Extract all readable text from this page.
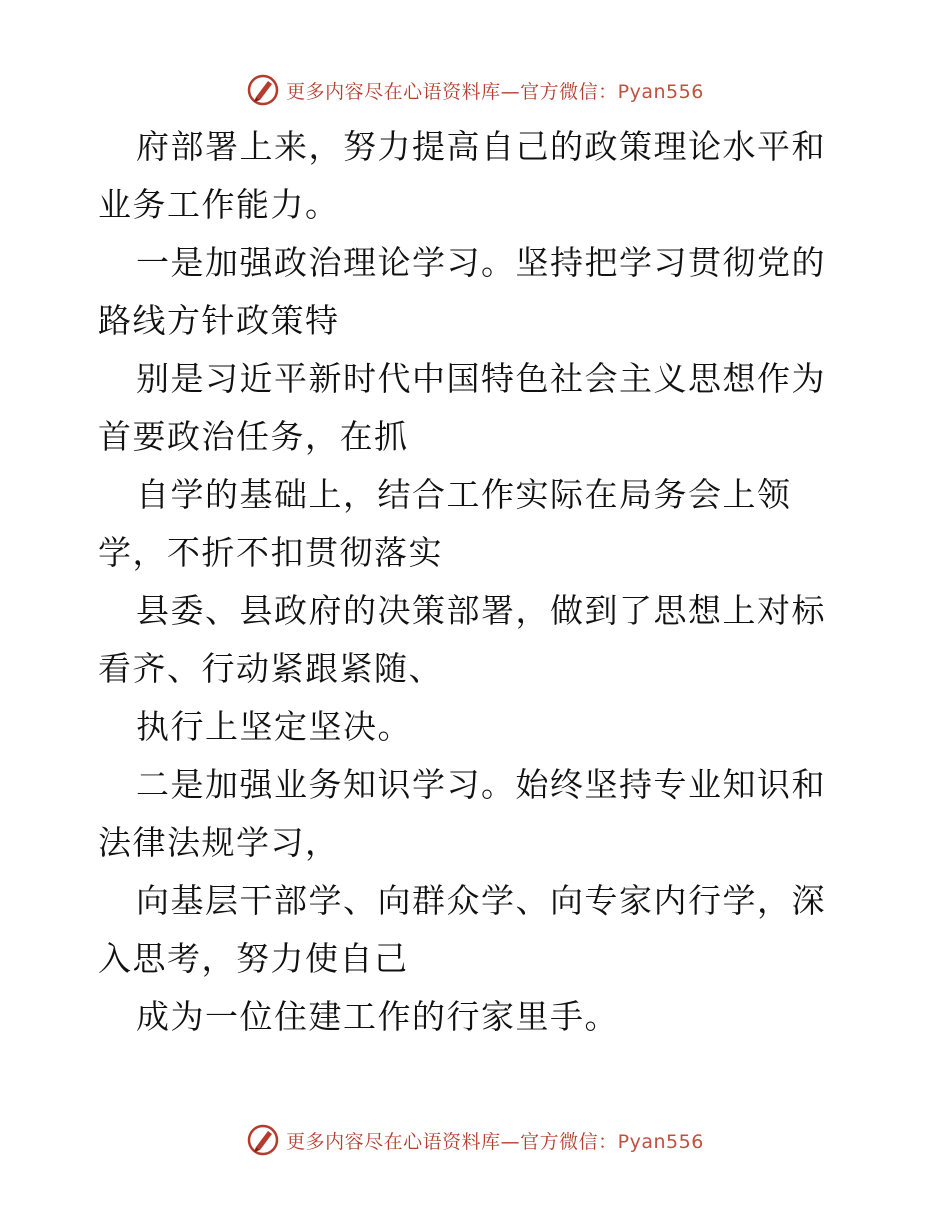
更多内容尽在心语资料库—官方微信：Pyan556

府部署上来，努力提高自己的政策理论水平和业务工作能力。

一是加强政治理论学习。坚持把学习贯彻党的路线方针政策特

别是习近平新时代中国特色社会主义思想作为首要政治任务，在抓

自学的基础上，结合工作实际在局务会上领学，不折不扣贯彻落实

县委、县政府的决策部署，做到了思想上对标看齐、行动紧跟紧随、

执行上坚定坚决。

二是加强业务知识学习。始终坚持专业知识和法律法规学习，

向基层干部学、向群众学、向专家内行学，深入思考，努力使自己

成为一位住建工作的行家里手。

更多内容尽在心语资料库—官方微信：Pyan556
